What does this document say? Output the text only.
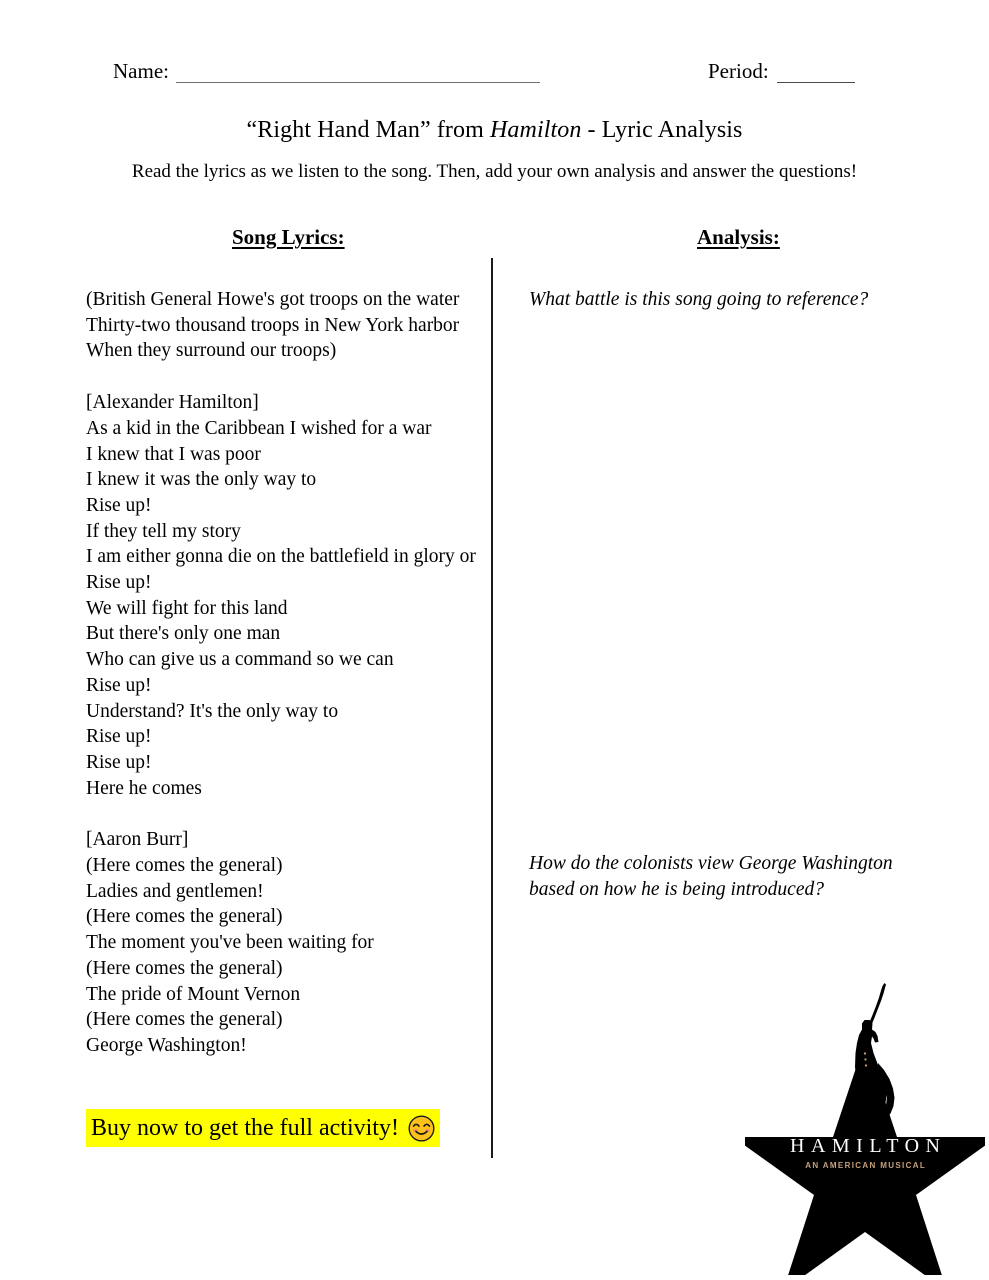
Name:	Period:
“Right Hand Man” from Hamilton - Lyric Analysis
Read the lyrics as we listen to the song. Then, add your own analysis and answer the questions!
Song Lyrics:	Analysis:
(British General Howe's got troops on the water
Thirty-two thousand troops in New York harbor
When they surround our troops)
[Alexander Hamilton]
As a kid in the Caribbean I wished for a war
I knew that I was poor
I knew it was the only way to
Rise up!
If they tell my story
I am either gonna die on the battlefield in glory or
Rise up!
We will fight for this land
But there's only one man
Who can give us a command so we can
Rise up!
Understand? It's the only way to
Rise up!
Rise up!
Here he comes
[Aaron Burr]
(Here comes the general)
Ladies and gentlemen!
(Here comes the general)
The moment you've been waiting for
(Here comes the general)
The pride of Mount Vernon
(Here comes the general)
George Washington!
What battle is this song going to reference?
How do the colonists view George Washington
based on how he is being introduced?
Buy now to get the full activity!
HAMILTON
AN AMERICAN MUSICAL
